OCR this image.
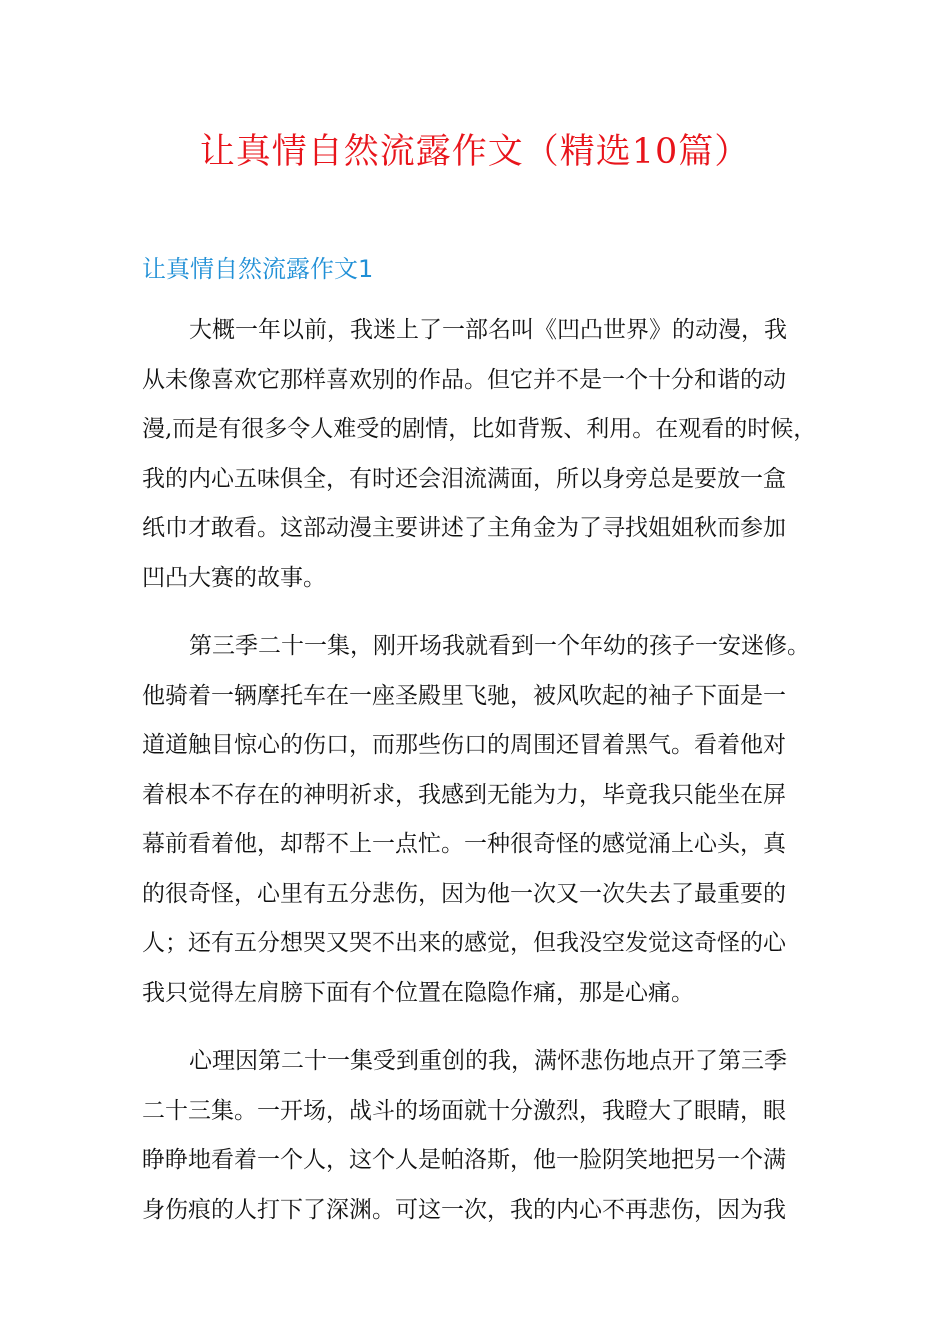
让真情自然流露作文（精选10篇）
让真情自然流露作文1
大概一年以前，我迷上了一部名叫《凹凸世界》的动漫，我
从未像喜欢它那样喜欢别的作品。但它并不是一个十分和谐的动
漫,而是有很多令人难受的剧情，比如背叛、利用。在观看的时候，
我的内心五味俱全，有时还会泪流满面，所以身旁总是要放一盒
纸巾才敢看。这部动漫主要讲述了主角金为了寻找姐姐秋而参加
凹凸大赛的故事。
第三季二十一集，刚开场我就看到一个年幼的孩子一安迷修。
他骑着一辆摩托车在一座圣殿里飞驰，被风吹起的袖子下面是一
道道触目惊心的伤口，而那些伤口的周围还冒着黑气。看着他对
着根本不存在的神明祈求，我感到无能为力，毕竟我只能坐在屏
幕前看着他，却帮不上一点忙。一种很奇怪的感觉涌上心头，真
的很奇怪，心里有五分悲伤，因为他一次又一次失去了最重要的
人；还有五分想哭又哭不出来的感觉，但我没空发觉这奇怪的心
我只觉得左肩膀下面有个位置在隐隐作痛，那是心痛。
心理因第二十一集受到重创的我，满怀悲伤地点开了第三季
二十三集。一开场，战斗的场面就十分激烈，我瞪大了眼睛，眼
睁睁地看着一个人，这个人是帕洛斯，他一脸阴笑地把另一个满
身伤痕的人打下了深渊。可这一次，我的内心不再悲伤，因为我
